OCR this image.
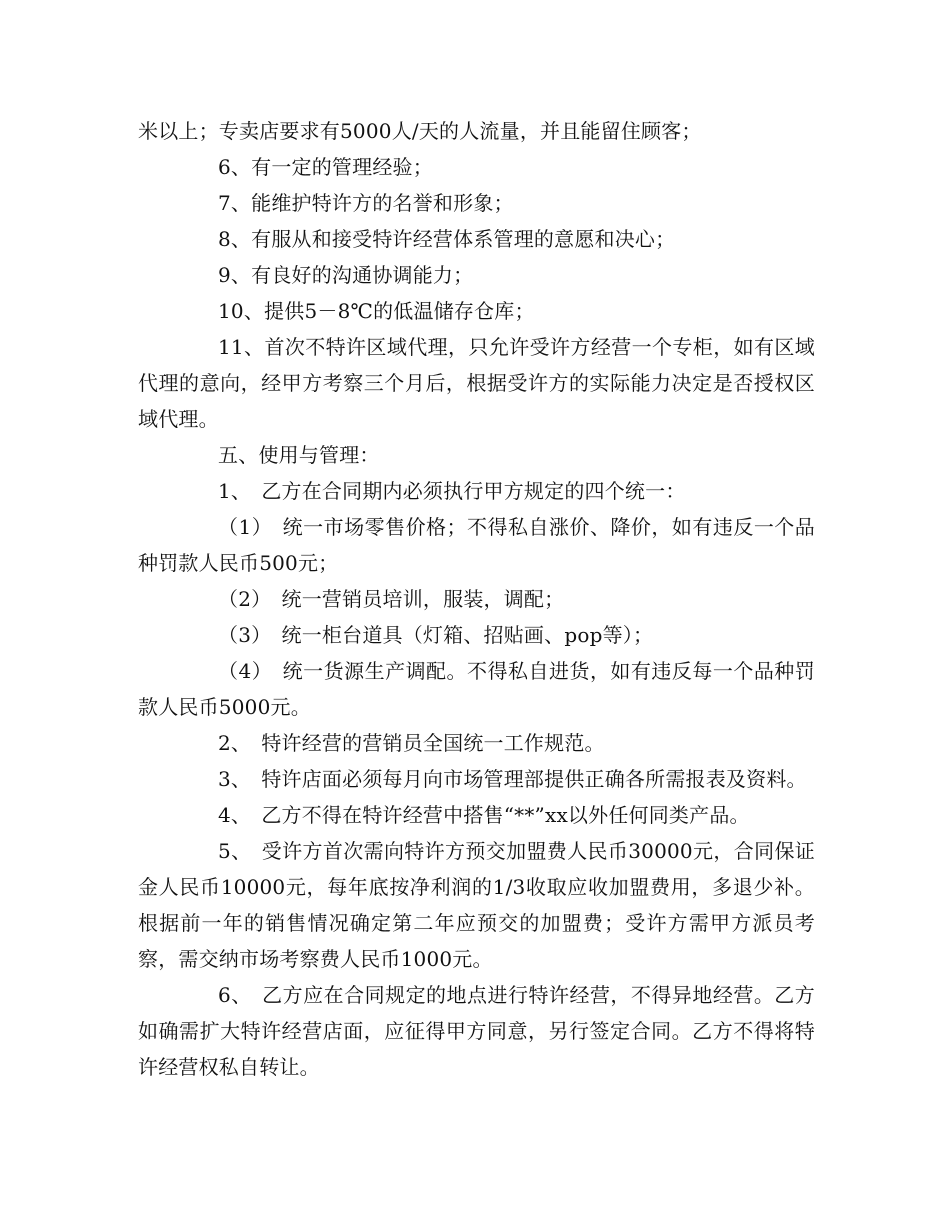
米以上；专卖店要求有5000人/天的人流量，并且能留住顾客；

6、有一定的管理经验；

7、能维护特许方的名誉和形象；

8、有服从和接受特许经营体系管理的意愿和决心；

9、有良好的沟通协调能力；

10、提供5－8℃的低温储存仓库；

11、首次不特许区域代理，只允许受许方经营一个专柜，如有区域代理的意向，经甲方考察三个月后，根据受许方的实际能力决定是否授权区域代理。

五、使用与管理：

1、　乙方在合同期内必须执行甲方规定的四个统一：

（1）　统一市场零售价格；不得私自涨价、降价，如有违反一个品种罚款人民币500元；

（2）　统一营销员培训，服装，调配；

（3）　统一柜台道具（灯箱、招贴画、pop等）；

（4）　统一货源生产调配。不得私自进货，如有违反每一个品种罚款人民币5000元。

2、　特许经营的营销员全国统一工作规范。

3、　特许店面必须每月向市场管理部提供正确各所需报表及资料。

4、　乙方不得在特许经营中搭售“**”xx以外任何同类产品。

5、　受许方首次需向特许方预交加盟费人民币30000元，合同保证金人民币10000元，每年底按净利润的1/3收取应收加盟费用，多退少补。根据前一年的销售情况确定第二年应预交的加盟费；受许方需甲方派员考察，需交纳市场考察费人民币1000元。

6、　乙方应在合同规定的地点进行特许经营，不得异地经营。乙方如确需扩大特许经营店面，应征得甲方同意，另行签定合同。乙方不得将特许经营权私自转让。
